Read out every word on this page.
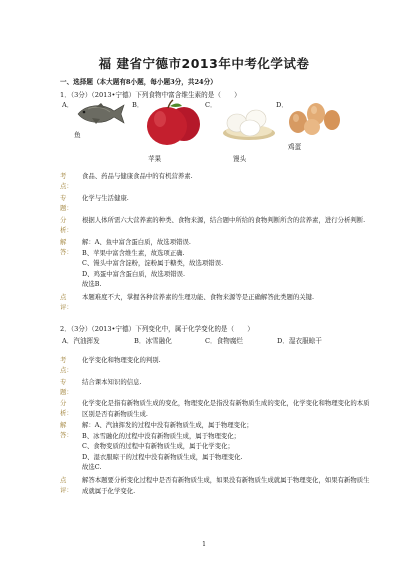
福 建省宁德市2013年中考化学试卷
一、选择题（本大题有8小题，每小题3分，共24分）
1．（3分）（2013•宁德）下列食物中富含维生素的是（　　）
A．	B．	C．	D．
鱼
苹果	馒头
鸡蛋
考点：
食品、药品与健康食品中的有机营养素.
专题：
化学与生活健康.
分析：
根据人体所需六大营养素的种类、食物来源，结合题中所给的食物判断所含的营养素，进行分析判断.
解答：
解：A、鱼中富含蛋白质，故选项错误.
B、苹果中富含维生素，故选项正确.
C、馒头中富含淀粉，淀粉属于糖类，故选项错误.
D、鸡蛋中富含蛋白质，故选项错误.
故选B.
点评：
本题难度不大，掌握各种营养素的生理功能、食物来源等是正确解答此类题的关键.
2．（3分）（2013•宁德）下列变化中，属于化学变化的是（　　）
A．汽油挥发	B．冰雪融化	C．食物腐烂	D．湿衣服晾干
考点：
化学变化和物理变化的判别.
专题：
结合课本知识的信息.
分析：
化学变化是指有新物质生成的变化，物理变化是指没有新物质生成的变化，化学变化和物理变化的本质区别是否有新物质生成.
解答：
解：A、汽油挥发的过程中没有新物质生成，属于物理变化；
B、冰雪融化的过程中没有新物质生成，属于物理变化；
C、食物变质的过程中有新物质生成，属于化学变化；
D、湿衣服晾干的过程中没有新物质生成，属于物理变化.
故选C.
点评：
解答本题要分析变化过程中是否有新物质生成，如果没有新物质生成就属于物理变化，如果有新物质生成就属于化学变化.
1
